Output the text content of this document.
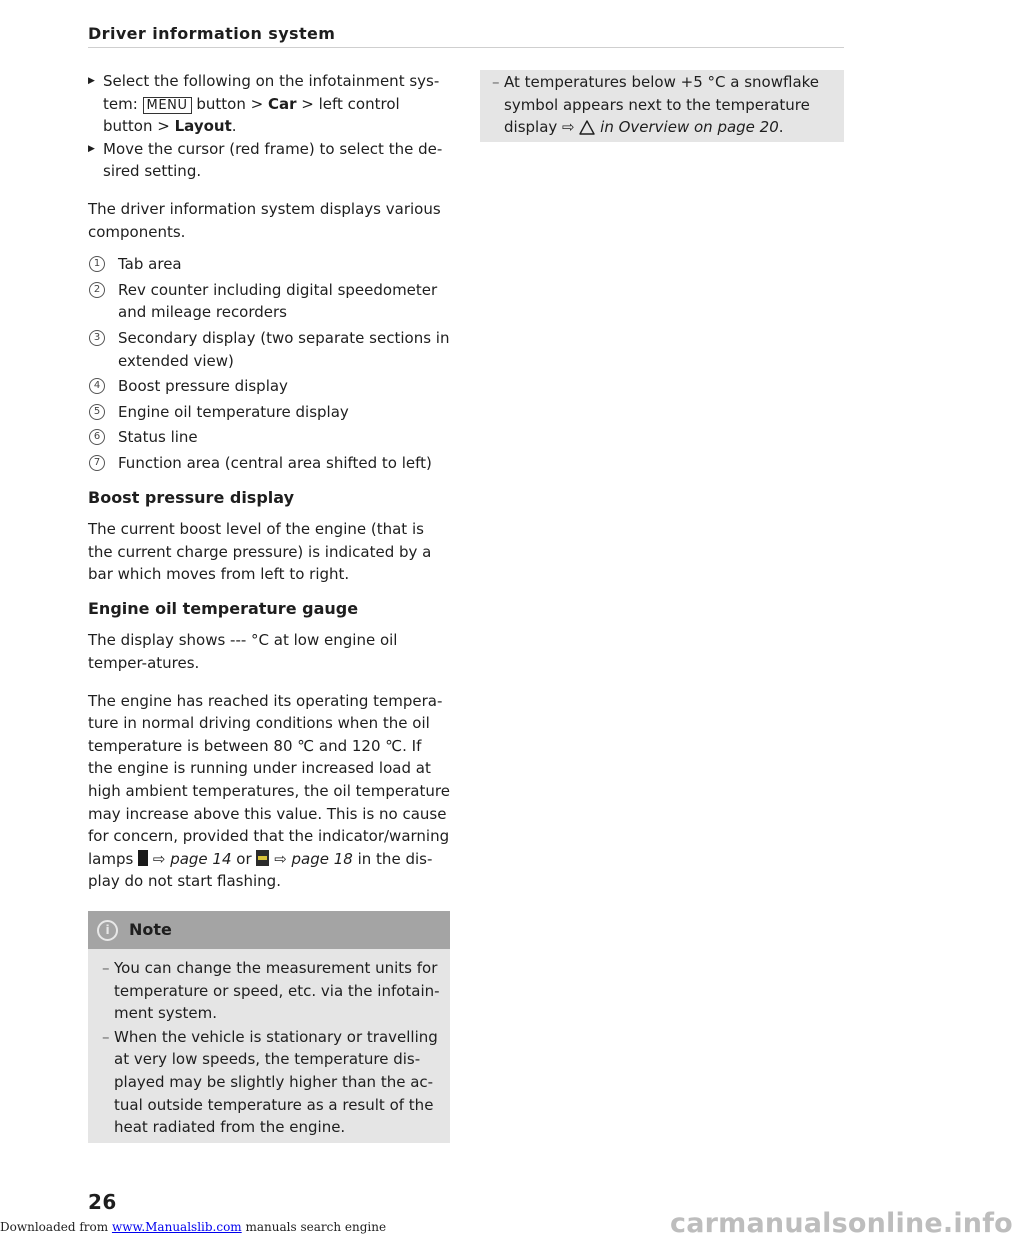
Driver information system
▶ Select the following on the infotainment sys-tem: MENU button > Car > left control button > Layout.
▶ Move the cursor (red frame) to select the de-sired setting.

The driver information system displays various components.

1	Tab area
2	Rev counter including digital speedometer and mileage recorders
3	Secondary display (two separate sections in extended view)
4	Boost pressure display
5	Engine oil temperature display
6	Status line
7	Function area (central area shifted to left)
Boost pressure display

The current boost level of the engine (that is the current charge pressure) is indicated by a bar which moves from left to right.

Engine oil temperature gauge

The display shows --- °C at low engine oil temper-atures.

The engine has reached its operating tempera-ture in normal driving conditions when the oil temperature is between 80 ℃ and 120 ℃. If the engine is running under increased load at high ambient temperatures, the oil temperature may increase above this value. This is no cause for concern, provided that the indicator/warning lamps  ⇨ page 14 or  ⇨ page 18 in the dis-play do not start flashing.

i	Note
– You can change the measurement units for temperature or speed, etc. via the infotain-ment system.
– When the vehicle is stationary or travelling at very low speeds, the temperature dis-played may be slightly higher than the ac-tual outside temperature as a result of the heat radiated from the engine.
– At temperatures below +5 °C a snowflake symbol appears next to the temperature display ⇨  in Overview on page 20.
26
Downloaded from www.Manualslib.com manuals search engine	carmanualsonline.info
